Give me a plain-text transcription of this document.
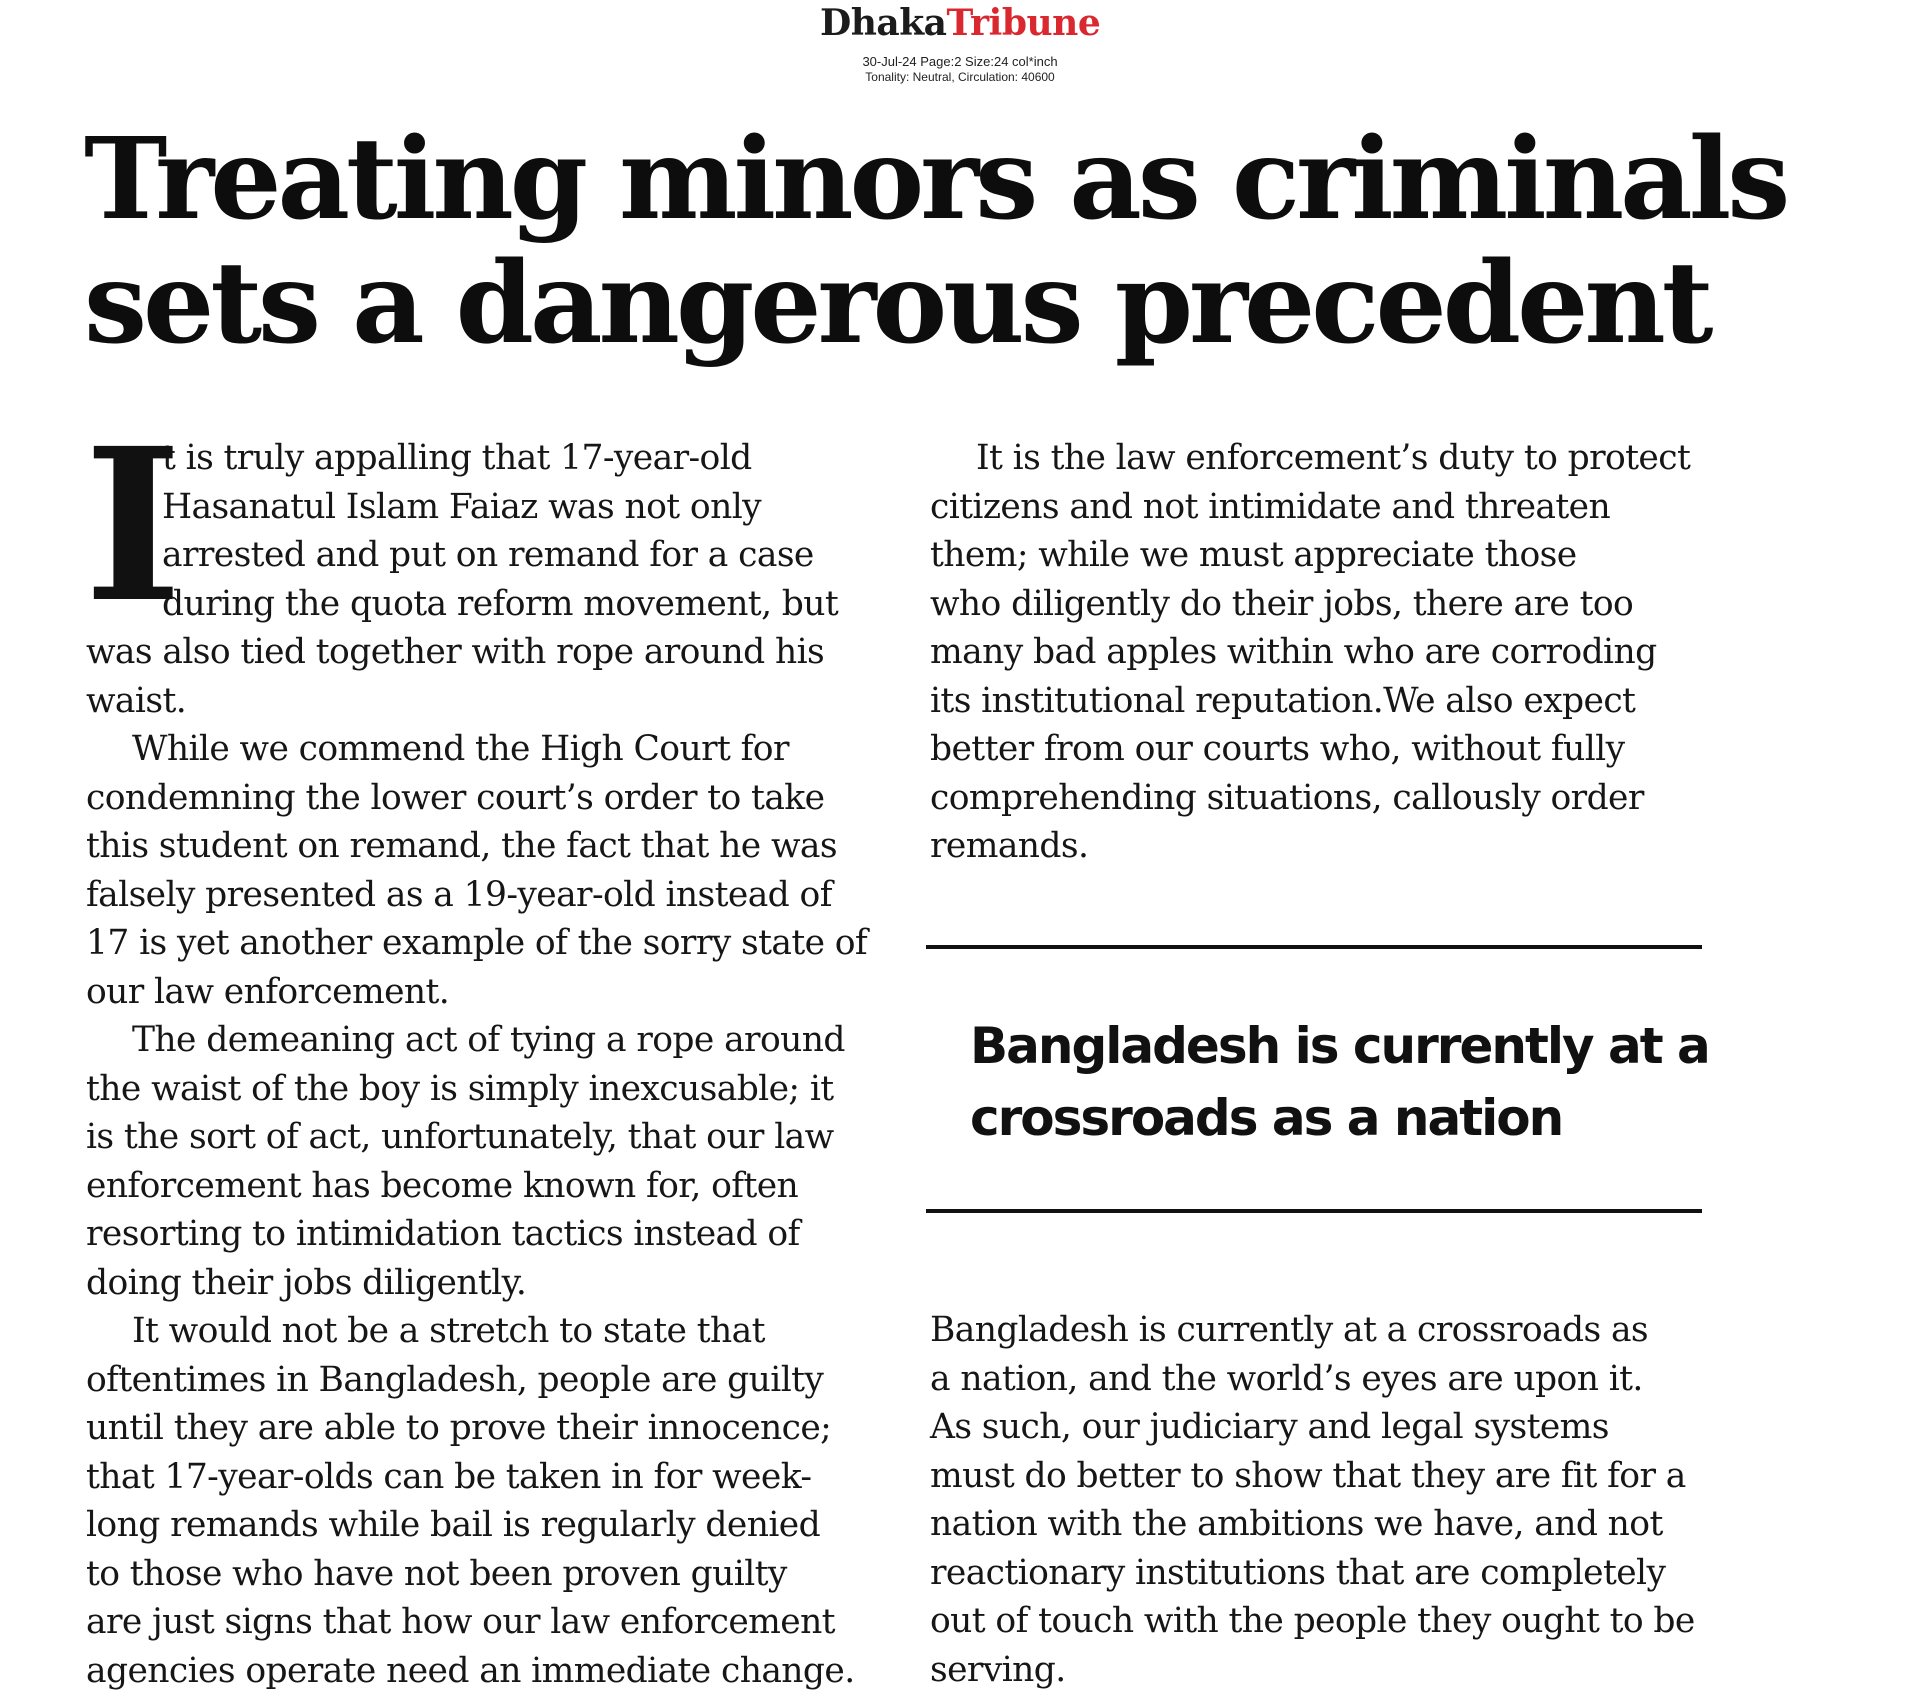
DhakaTribune
30-Jul-24 Page:2 Size:24 col*inch
Tonality: Neutral, Circulation: 40600
Treating minors as criminals
sets a dangerous precedent

I
t is truly appalling that 17-year-old
Hasanatul Islam Faiaz was not only
arrested and put on remand for a case
during the quota reform movement, but
was also tied together with rope around his
waist.

While we commend the High Court for
condemning the lower court’s order to take
this student on remand, the fact that he was
falsely presented as a 19-year-old instead of
17 is yet another example of the sorry state of
our law enforcement.

The demeaning act of tying a rope around
the waist of the boy is simply inexcusable; it
is the sort of act, unfortunately, that our law
enforcement has become known for, often
resorting to intimidation tactics instead of
doing their jobs diligently.

It would not be a stretch to state that
oftentimes in Bangladesh, people are guilty
until they are able to prove their innocence;
that 17-year-olds can be taken in for week-
long remands while bail is regularly denied
to those who have not been proven guilty
are just signs that how our law enforcement
agencies operate need an immediate change.

It is the law enforcement’s duty to protect
citizens and not intimidate and threaten
them; while we must appreciate those
who diligently do their jobs, there are too
many bad apples within who are corroding
its institutional reputation.We also expect
better from our courts who, without fully
comprehending situations, callously order
remands.

Bangladesh is currently at a
crossroads as a nation

Bangladesh is currently at a crossroads as
a nation, and the world’s eyes are upon it.
As such, our judiciary and legal systems
must do better to show that they are fit for a
nation with the ambitions we have, and not
reactionary institutions that are completely
out of touch with the people they ought to be
serving.
